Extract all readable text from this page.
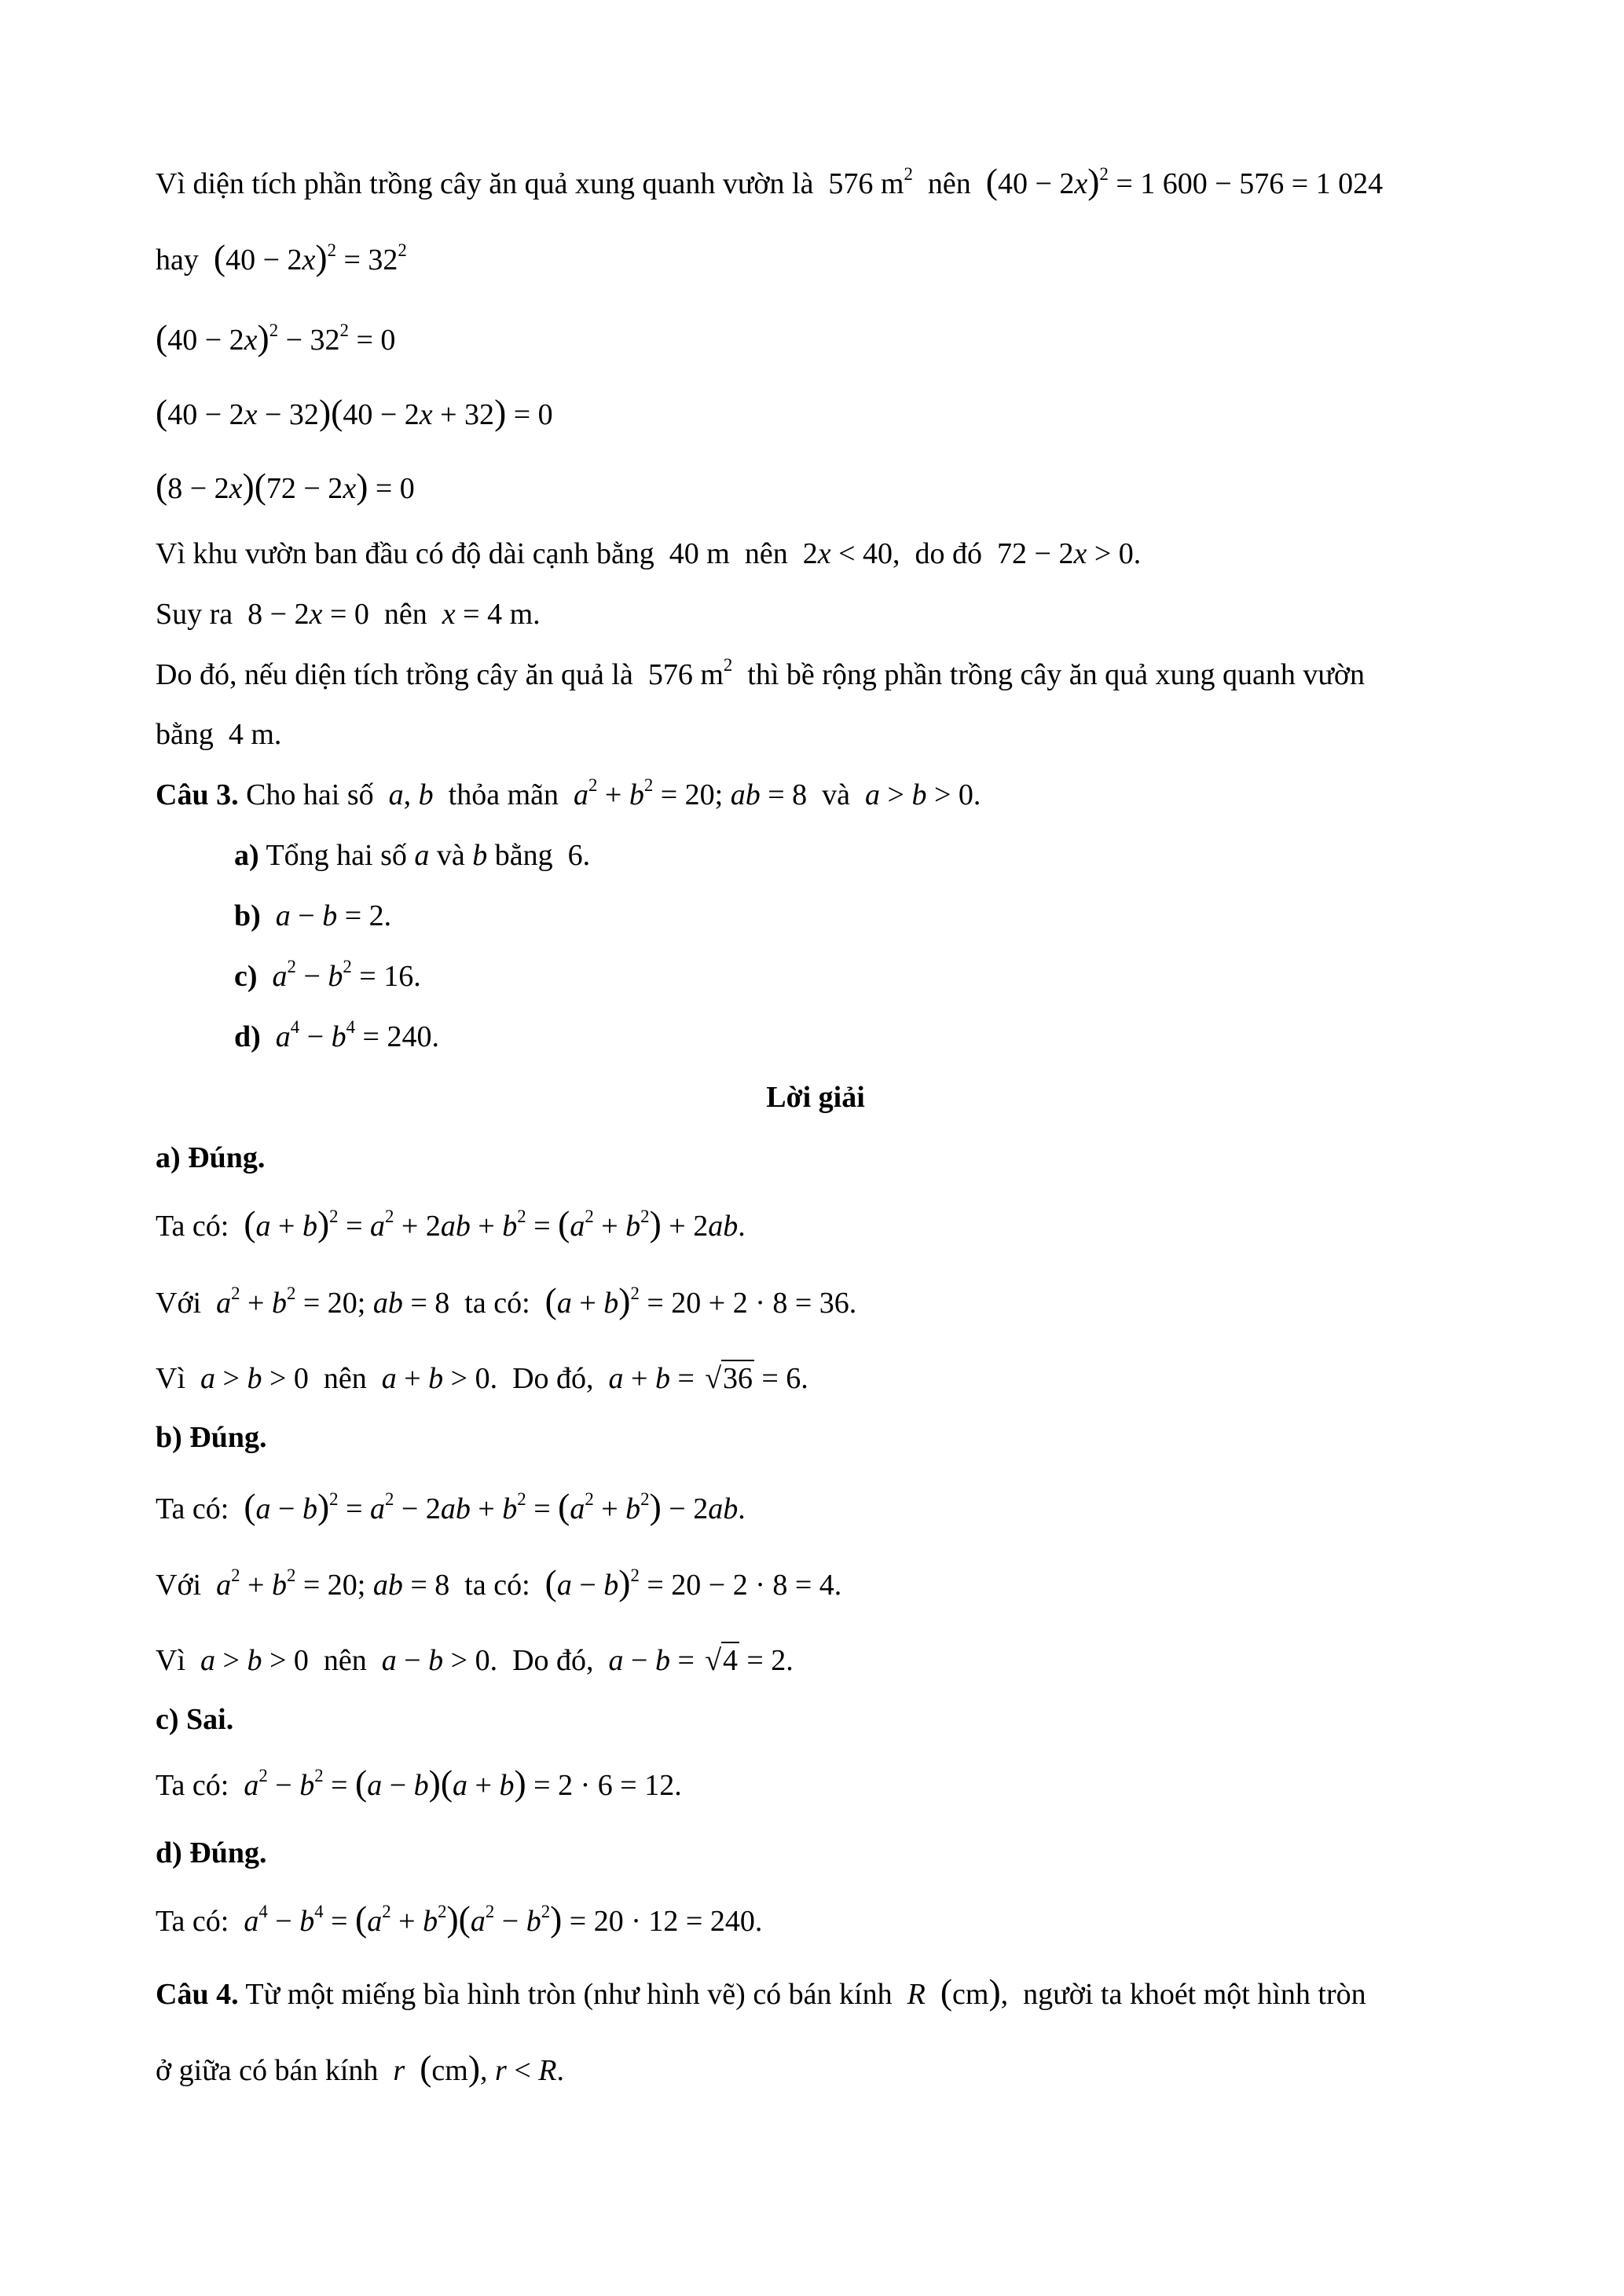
Vì diện tích phần trồng cây ăn quả xung quanh vườn là  576 $m^2$  nên  $(40 - 2x)^2 = 1$ 600 − 576 = 1 024
hay  $(40 - 2x)^2 = 32^2$
$(40 - 2x)^2 - 32^2 = 0$
(40 − 2x − 32)(40 − 2x + 32) = 0
(8 − 2x)(72 − 2x) = 0
Vì khu vườn ban đầu có độ dài cạnh bằng  40 m  nên  2x < 40,  do đó  72 − 2x > 0.
Suy ra  8 − 2x = 0  nên  x = 4 m.
Do đó, nếu diện tích trồng cây ăn quả là  576 $m^2$  thì bề rộng phần trồng cây ăn quả xung quanh vườn
bằng  4 m.
Câu 3. Cho hai số  a, b  thỏa mãn  $a^2 + b^2 = 20$; ab = 8  và  a > b > 0.
a) Tổng hai số a và b bằng  6.
b) a − b = 2.
c) $a^2 - b^2 = 16$.
d) $a^4 - b^4 = 240$.
Lời giải
a) Đúng.
Ta có:  $(a + b)^2 = a^2 + 2ab + b^2 = (a^2 + b^2) + 2ab$.
Với  $a^2 + b^2 = 20$; ab = 8  ta có:  $(a + b)^2 = 20 + 2 \cdot 8 = 36$.
Vì  a > b > 0  nên  a + b > 0.  Do đó,  a + b = √36 = 6.
b) Đúng.
Ta có:  $(a - b)^2 = a^2 - 2ab + b^2 = (a^2 + b^2) - 2ab$.
Với  $a^2 + b^2 = 20$; ab = 8  ta có:  $(a - b)^2 = 20 - 2 \cdot 8 = 4$.
Vì  a > b > 0  nên  a − b > 0.  Do đó,  a − b = √4 = 2.
c) Sai.
Ta có:  $a^2 - b^2 = (a - b)(a + b) = 2 \cdot 6 = 12$.
d) Đúng.
Ta có:  $a^4 - b^4 = (a^2 + b^2)(a^2 - b^2) = 20 \cdot 12 = 240$.
Câu 4. Từ một miếng bìa hình tròn (như hình vẽ) có bán kính  R (cm),  người ta khoét một hình tròn
ở giữa có bán kính  r (cm), r < R.
